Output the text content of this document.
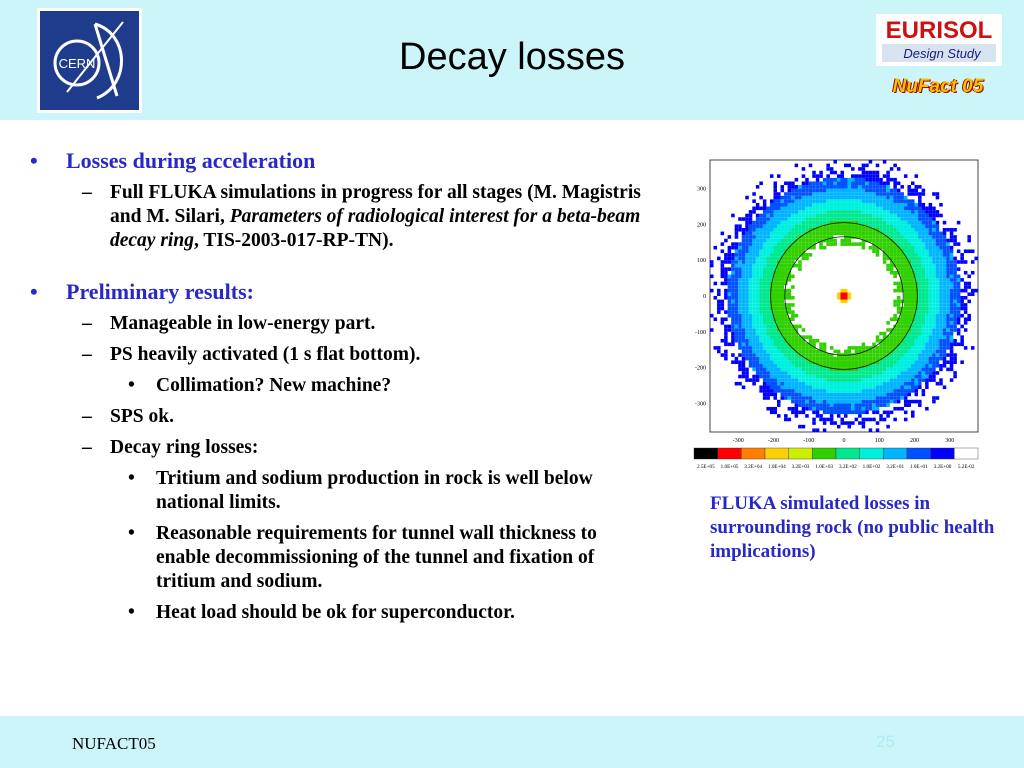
CERN
EURISOL
Design Study
NuFact 05
Decay losses
• Losses during acceleration
– Full FLUKA simulations in progress for all stages (M. Magistris and M. Silari, Parameters of radiological interest for a beta-beam decay ring, TIS-2003-017-RP-TN).
• Preliminary results:
– Manageable in low-energy part.
– PS heavily activated (1 s flat bottom).
• Collimation? New machine?
– SPS ok.
– Decay ring losses:
• Tritium and sodium production in rock is well below national limits.
• Reasonable requirements for tunnel wall thickness to enable decommissioning of the tunnel and fixation of tritium and sodium.
• Heat load should be ok for superconductor.
-300	-200	-100	0	100	200	300
300
200
100
0
-100
-200
-300
2.5E+05 1.0E+05 3.2E+04 1.0E+04 3.2E+03 1.0E+03 3.2E+02 1.0E+02 3.2E+01 1.0E+01 3.2E+00 5.2E-02
FLUKA simulated losses in surrounding rock (no public health implications)
NUFACT05	25
